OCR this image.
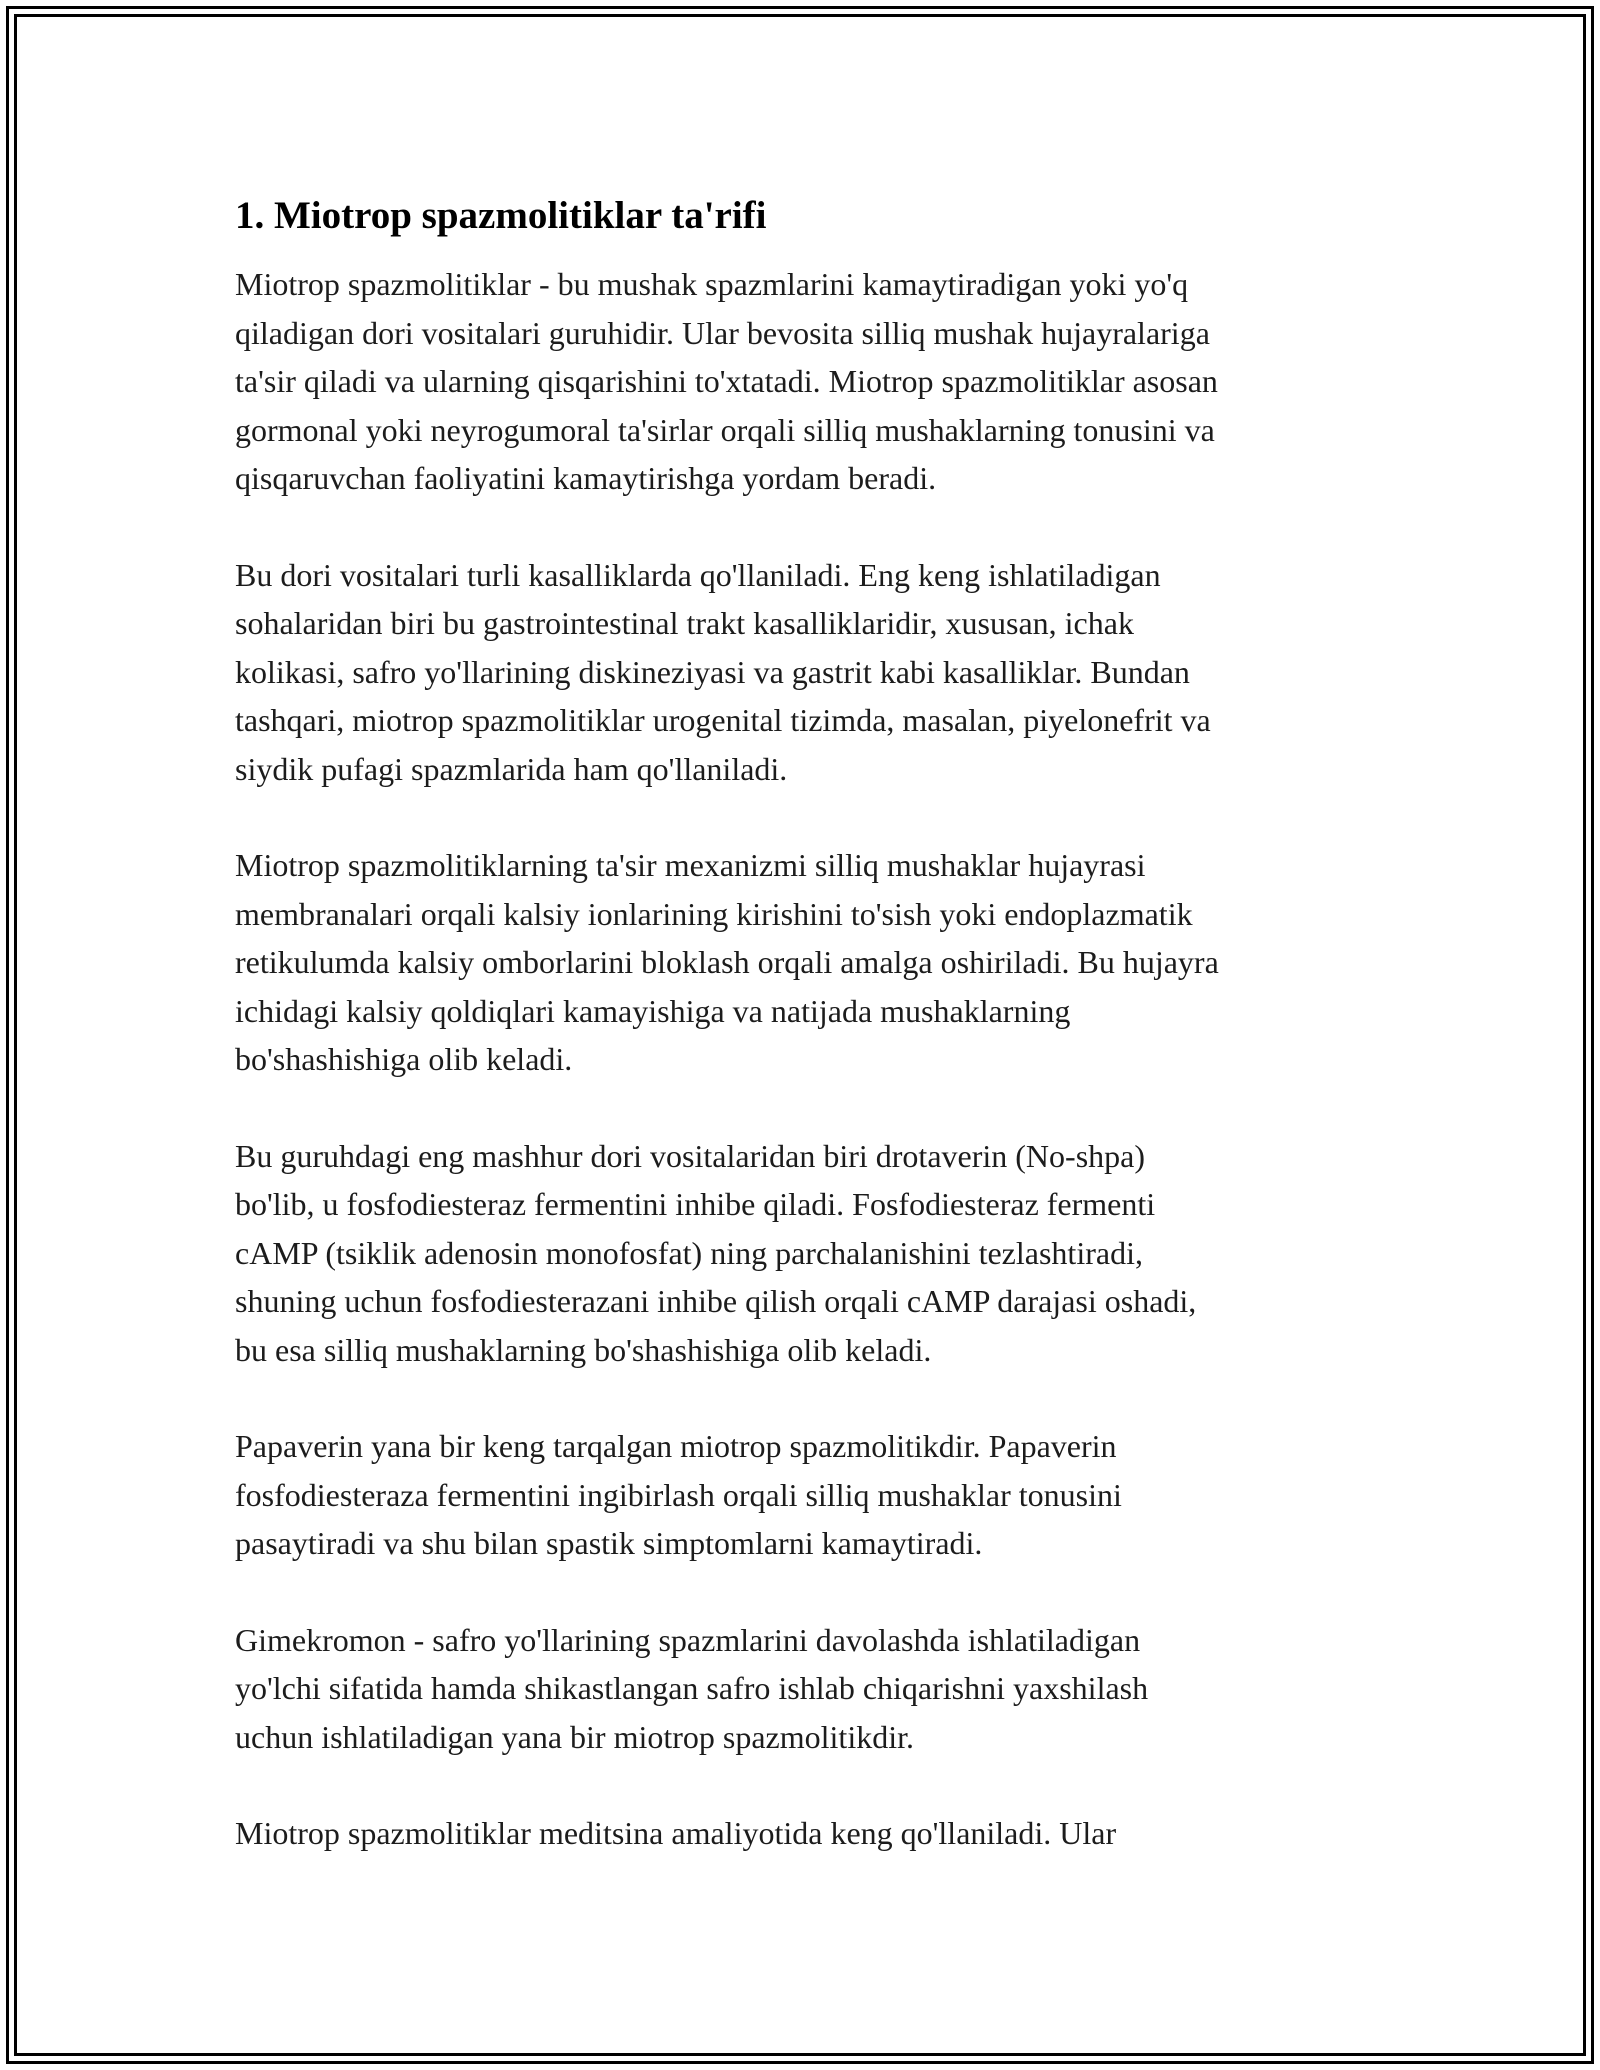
1. Miotrop spazmolitiklar ta'rifi

Miotrop spazmolitiklar - bu mushak spazmlarini kamaytiradigan yoki yo'q
qiladigan dori vositalari guruhidir. Ular bevosita silliq mushak hujayralariga
ta'sir qiladi va ularning qisqarishini to'xtatadi. Miotrop spazmolitiklar asosan
gormonal yoki neyrogumoral ta'sirlar orqali silliq mushaklarning tonusini va
qisqaruvchan faoliyatini kamaytirishga yordam beradi.

Bu dori vositalari turli kasalliklarda qo'llaniladi. Eng keng ishlatiladigan
sohalaridan biri bu gastrointestinal trakt kasalliklaridir, xususan, ichak
kolikasi, safro yo'llarining diskineziyasi va gastrit kabi kasalliklar. Bundan
tashqari, miotrop spazmolitiklar urogenital tizimda, masalan, piyelonefrit va
siydik pufagi spazmlarida ham qo'llaniladi.

Miotrop spazmolitiklarning ta'sir mexanizmi silliq mushaklar hujayrasi
membranalari orqali kalsiy ionlarining kirishini to'sish yoki endoplazmatik
retikulumda kalsiy omborlarini bloklash orqali amalga oshiriladi. Bu hujayra
ichidagi kalsiy qoldiqlari kamayishiga va natijada mushaklarning
bo'shashishiga olib keladi.

Bu guruhdagi eng mashhur dori vositalaridan biri drotaverin (No-shpa)
bo'lib, u fosfodiesteraz fermentini inhibe qiladi. Fosfodiesteraz fermenti
cAMP (tsiklik adenosin monofosfat) ning parchalanishini tezlashtiradi,
shuning uchun fosfodiesterazani inhibe qilish orqali cAMP darajasi oshadi,
bu esa silliq mushaklarning bo'shashishiga olib keladi.

Papaverin yana bir keng tarqalgan miotrop spazmolitikdir. Papaverin
fosfodiesteraza fermentini ingibirlash orqali silliq mushaklar tonusini
pasaytiradi va shu bilan spastik simptomlarni kamaytiradi.

Gimekromon - safro yo'llarining spazmlarini davolashda ishlatiladigan
yo'lchi sifatida hamda shikastlangan safro ishlab chiqarishni yaxshilash
uchun ishlatiladigan yana bir miotrop spazmolitikdir.

Miotrop spazmolitiklar meditsina amaliyotida keng qo'llaniladi. Ular
